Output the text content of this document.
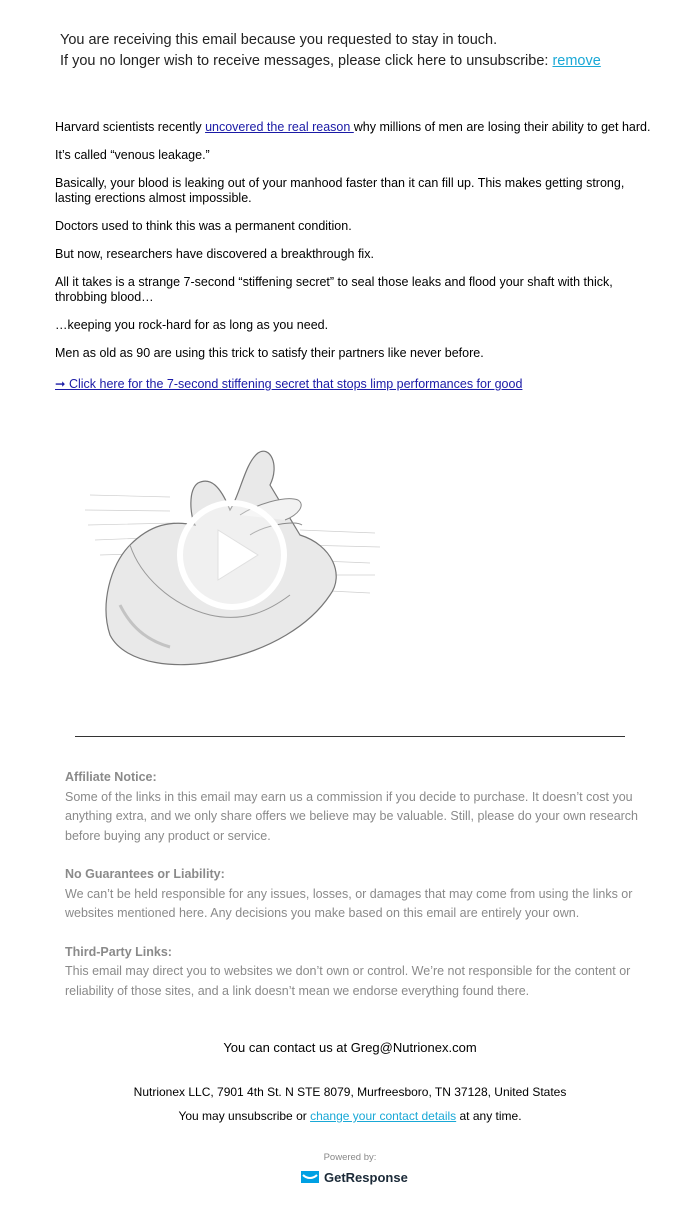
You are receiving this email because you requested to stay in touch.
If you no longer wish to receive messages, please click here to unsubscribe: remove

Harvard scientists recently uncovered the real reason why millions of men are losing their ability to get hard.

It’s called “venous leakage.”

Basically, your blood is leaking out of your manhood faster than it can fill up. This makes getting strong, lasting erections almost impossible.

Doctors used to think this was a permanent condition.

But now, researchers have discovered a breakthrough fix.

All it takes is a strange 7-second “stiffening secret” to seal those leaks and flood your shaft with thick, throbbing blood…

…keeping you rock-hard for as long as you need.

Men as old as 90 are using this trick to satisfy their partners like never before.

➞ Click here for the 7-second stiffening secret that stops limp performances for good

Affiliate Notice:
Some of the links in this email may earn us a commission if you decide to purchase. It doesn’t cost you anything extra, and we only share offers we believe may be valuable. Still, please do your own research before buying any product or service.
No Guarantees or Liability:
We can’t be held responsible for any issues, losses, or damages that may come from using the links or websites mentioned here. Any decisions you make based on this email are entirely your own.
Third-Party Links:
This email may direct you to websites we don’t own or control. We’re not responsible for the content or reliability of those sites, and a link doesn’t mean we endorse everything found there.
You can contact us at Greg@Nutrionex.com
Nutrionex LLC, 7901 4th St. N STE 8079, Murfreesboro, TN 37128, United States
You may unsubscribe or change your contact details at any time.
Powered by:
GetResponse
